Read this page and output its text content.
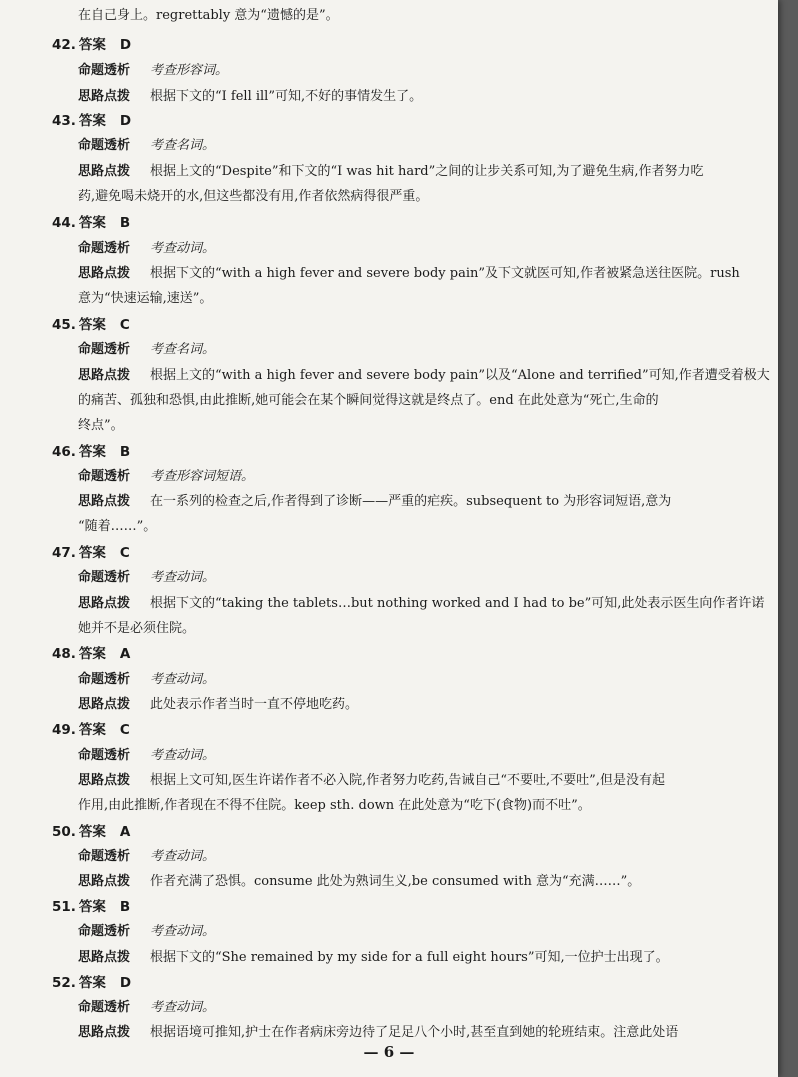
在自己身上。regrettably 意为“遗憾的是”。
42. 答案 D
命题透析 考查形容词。
思路点拨 根据下文的“I fell ill”可知,不好的事情发生了。
43. 答案 D
命题透析 考查名词。
思路点拨 根据上文的“Despite”和下文的“I was hit hard”之间的让步关系可知,为了避免生病,作者努力吃
药,避免喝未烧开的水,但这些都没有用,作者依然病得很严重。
44. 答案 B
命题透析 考查动词。
思路点拨 根据下文的“with a high fever and severe body pain”及下文就医可知,作者被紧急送往医院。rush
意为“快速运输,速送”。
45. 答案 C
命题透析 考查名词。
思路点拨 根据上文的“with a high fever and severe body pain”以及“Alone and terrified”可知,作者遭受着极大
的痛苦、孤独和恐惧,由此推断,她可能会在某个瞬间觉得这就是终点了。end 在此处意为“死亡,生命的
终点”。
46. 答案 B
命题透析 考查形容词短语。
思路点拨 在一系列的检查之后,作者得到了诊断——严重的疟疾。subsequent to 为形容词短语,意为
“随着……”。
47. 答案 C
命题透析 考查动词。
思路点拨 根据下文的“taking the tablets…but nothing worked and I had to be”可知,此处表示医生向作者许诺
她并不是必须住院。
48. 答案 A
命题透析 考查动词。
思路点拨 此处表示作者当时一直不停地吃药。
49. 答案 C
命题透析 考查动词。
思路点拨 根据上文可知,医生许诺作者不必入院,作者努力吃药,告诫自己“不要吐,不要吐”,但是没有起
作用,由此推断,作者现在不得不住院。keep sth. down 在此处意为“吃下(食物)而不吐”。
50. 答案 A
命题透析 考查动词。
思路点拨 作者充满了恐惧。consume 此处为熟词生义,be consumed with 意为“充满……”。
51. 答案 B
命题透析 考查动词。
思路点拨 根据下文的“She remained by my side for a full eight hours”可知,一位护士出现了。
52. 答案 D
命题透析 考查动词。
思路点拨 根据语境可推知,护士在作者病床旁边待了足足八个小时,甚至直到她的轮班结束。注意此处语
— 6 —
